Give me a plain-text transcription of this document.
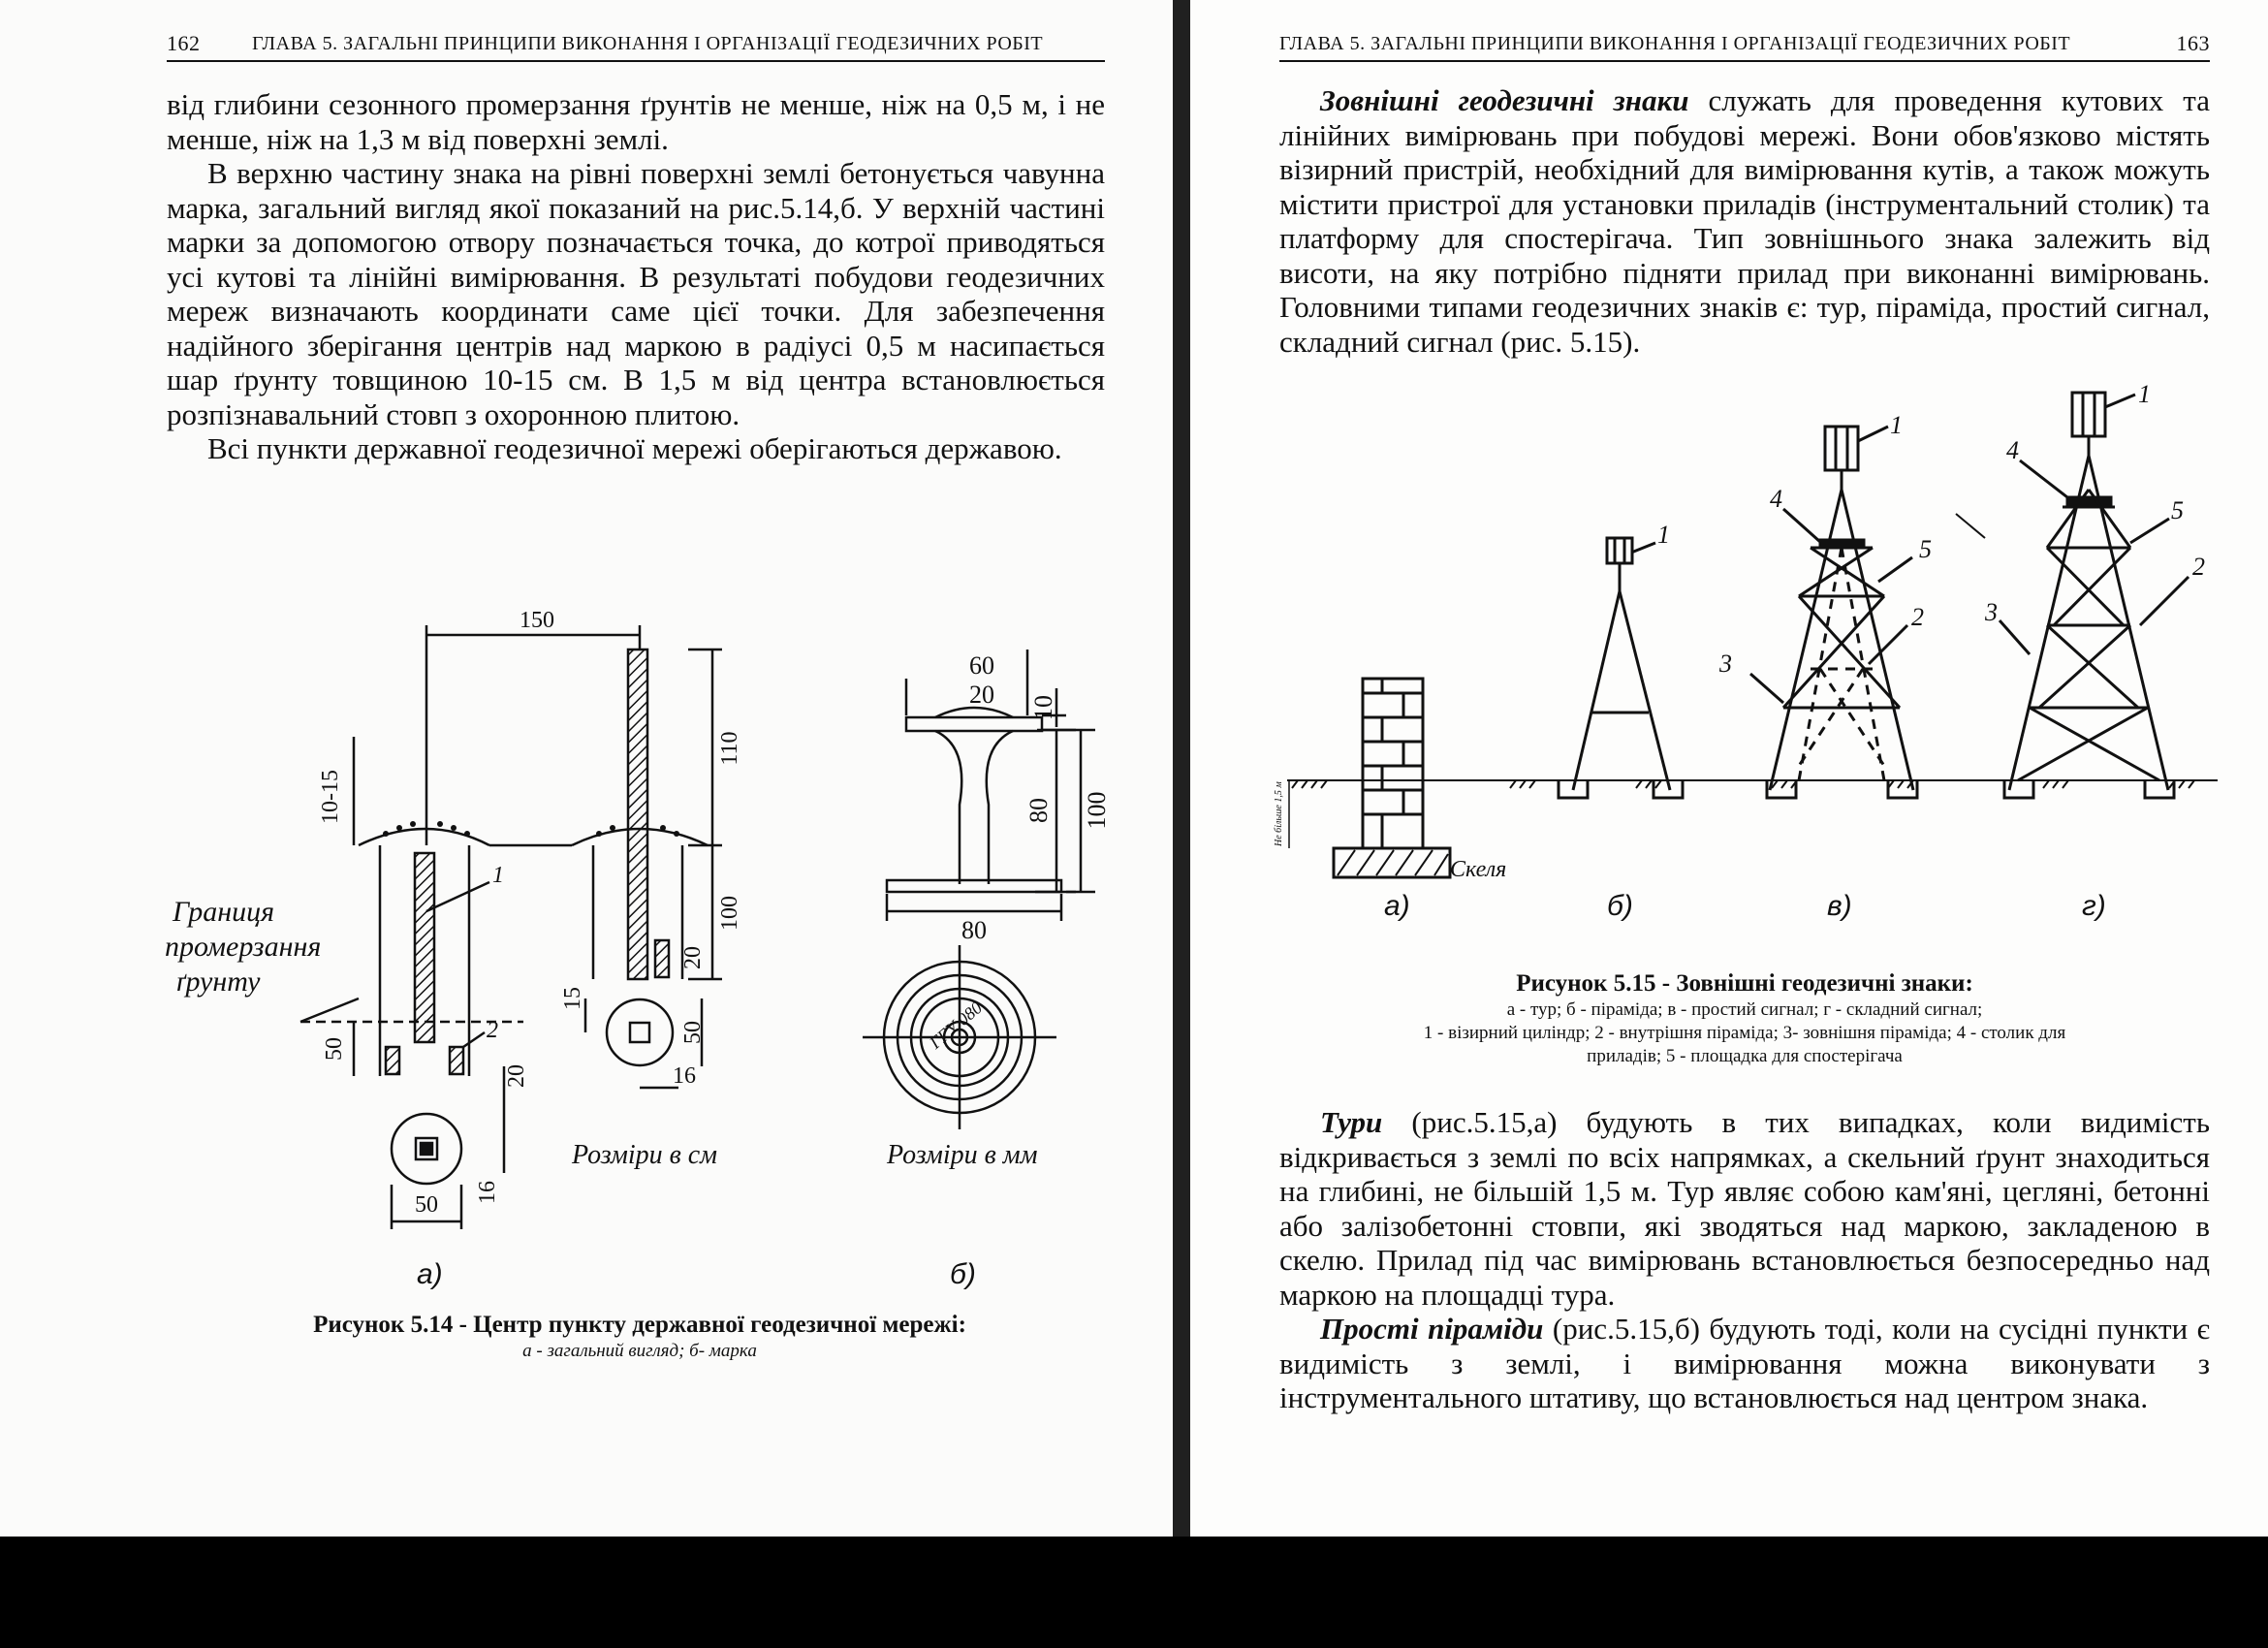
162	ГЛАВА 5. ЗАГАЛЬНІ ПРИНЦИПИ ВИКОНАННЯ І ОРГАНІЗАЦІЇ ГЕОДЕЗИЧНИХ РОБІТ

від глибини сезонного промерзання ґрунтів не менше, ніж на 0,5 м, і не менше, ніж на 1,3 м від поверхні землі.

В верхню частину знака на рівні поверхні землі бетонується чавунна марка, загальний вигляд якої показаний на рис.5.14,б. У верхній частині марки за допомогою отвору позначається точка, до котрої приводяться усі кутові та лінійні вимірювання. В результаті побудови геодезичних мереж визначають координати саме цієї точки. Для забезпечення надійного зберігання центрів над маркою в радіусі 0,5 м насипається шар ґрунту товщиною 10-15 см. В 1,5 м від центра встановлюється розпізнавальний стовп з охоронною плитою.

Всі пункти державної геодезичної мережі оберігаються державою.

150
10-15
110
100
20
50
20
16
50
15
50
16
1
2
Границя
промерзання
ґрунту
Розміри в см
60
20 10
80 100
80
ГГУ 080
Розміри в мм
а)	б)
Рисунок 5.14 - Центр пункту державної геодезичної мережі:
а - загальний вигляд; б- марка
ГЛАВА 5. ЗАГАЛЬНІ ПРИНЦИПИ ВИКОНАННЯ І ОРГАНІЗАЦІЇ ГЕОДЕЗИЧНИХ РОБІТ	163

Зовнішні геодезичні знаки служать для проведення кутових та лінійних вимірювань при побудові мережі. Вони обов'язково містять візирний пристрій, необхідний для вимірювання кутів, а також можуть містити пристрої для установки приладів (інструментальний столик) та платформу для спостерігача. Тип зовнішнього знака залежить від висоти, на яку потрібно підняти прилад при виконанні вимірювань. Головними типами геодезичних знаків є: тур, піраміда, простий сигнал, складний сигнал (рис. 5.15).

1
1
4
5
2
3
1
4
5
2
3
Скеля
Не більше 1,5 м
а)	б)	в)	г)
Рисунок 5.15 - Зовнішні геодезичні знаки:
а - тур; б - піраміда; в - простий сигнал; г - складний сигнал;
1 - візирний циліндр; 2 - внутрішня піраміда; 3- зовнішня піраміда; 4 - столик для
приладів; 5 - площадка для спостерігача

Тури (рис.5.15,а) будують в тих випадках, коли видимість відкривається з землі по всіх напрямках, а скельний ґрунт знаходиться на глибині, не більшій 1,5 м. Тур являє собою кам'яні, цегляні, бетонні або залізобетонні стовпи, які зводяться над маркою, закладеною в скелю. Прилад під час вимірювань встановлюється безпосередньо над маркою на площадці тура.

Прості піраміди (рис.5.15,б) будують тоді, коли на сусідні пункти є видимість з землі, і вимірювання можна виконувати з інструментального штативу, що встановлюється над центром знака.
